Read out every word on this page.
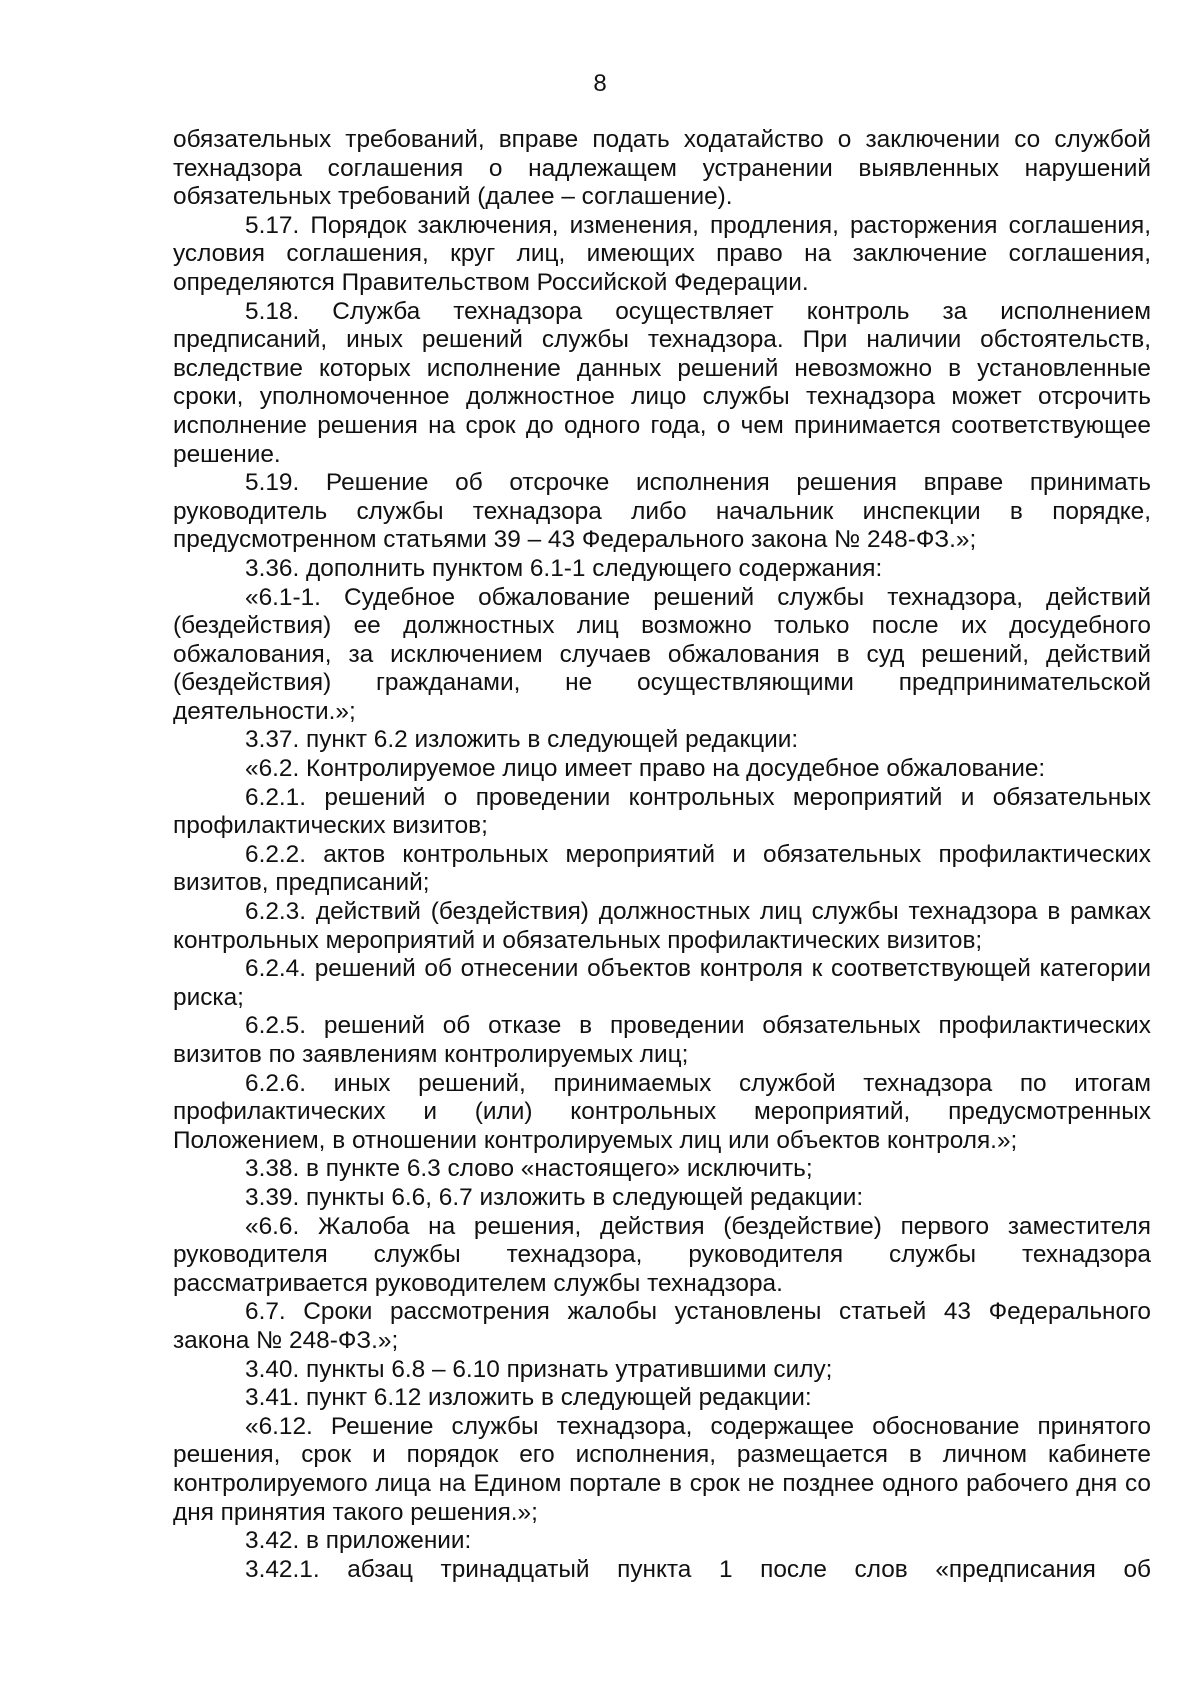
8

обязательных требований, вправе подать ходатайство о заключении со службой технадзора соглашения о надлежащем устранении выявленных нарушений обязательных требований (далее – соглашение).

5.17. Порядок заключения, изменения, продления, расторжения соглашения, условия соглашения, круг лиц, имеющих право на заключение соглашения, определяются Правительством Российской Федерации.

5.18. Служба технадзора осуществляет контроль за исполнением предписаний, иных решений службы технадзора. При наличии обстоятельств, вследствие которых исполнение данных решений невозможно в установленные сроки, уполномоченное должностное лицо службы технадзора может отсрочить исполнение решения на срок до одного года, о чем принимается соответствующее решение.

5.19. Решение об отсрочке исполнения решения вправе принимать руководитель службы технадзора либо начальник инспекции в порядке, предусмотренном статьями 39 – 43 Федерального закона № 248-ФЗ.»;

3.36. дополнить пунктом 6.1-1 следующего содержания:

«6.1-1. Судебное обжалование решений службы технадзора, действий (бездействия) ее должностных лиц возможно только после их досудебного обжалования, за исключением случаев обжалования в суд решений, действий (бездействия) гражданами, не осуществляющими предпринимательской деятельности.»;

3.37. пункт 6.2 изложить в следующей редакции:

«6.2. Контролируемое лицо имеет право на досудебное обжалование:

6.2.1. решений о проведении контрольных мероприятий и обязательных профилактических визитов;

6.2.2. актов контрольных мероприятий и обязательных профилактических визитов, предписаний;

6.2.3. действий (бездействия) должностных лиц службы технадзора в рамках контрольных мероприятий и обязательных профилактических визитов;

6.2.4. решений об отнесении объектов контроля к соответствующей категории риска;

6.2.5. решений об отказе в проведении обязательных профилактических визитов по заявлениям контролируемых лиц;

6.2.6. иных решений, принимаемых службой технадзора по итогам профилактических и (или) контрольных мероприятий, предусмотренных Положением, в отношении контролируемых лиц или объектов контроля.»;

3.38. в пункте 6.3 слово «настоящего» исключить;

3.39. пункты 6.6, 6.7 изложить в следующей редакции:

«6.6. Жалоба на решения, действия (бездействие) первого заместителя руководителя службы технадзора, руководителя службы технадзора рассматривается руководителем службы технадзора.

6.7. Сроки рассмотрения жалобы установлены статьей 43 Федерального закона № 248-ФЗ.»;

3.40. пункты 6.8 – 6.10 признать утратившими силу;

3.41. пункт 6.12 изложить в следующей редакции:

«6.12. Решение службы технадзора, содержащее обоснование принятого решения, срок и порядок его исполнения, размещается в личном кабинете контролируемого лица на Едином портале в срок не позднее одного рабочего дня со дня принятия такого решения.»;

3.42. в приложении:

3.42.1. абзац тринадцатый пункта 1 после слов «предписания об
